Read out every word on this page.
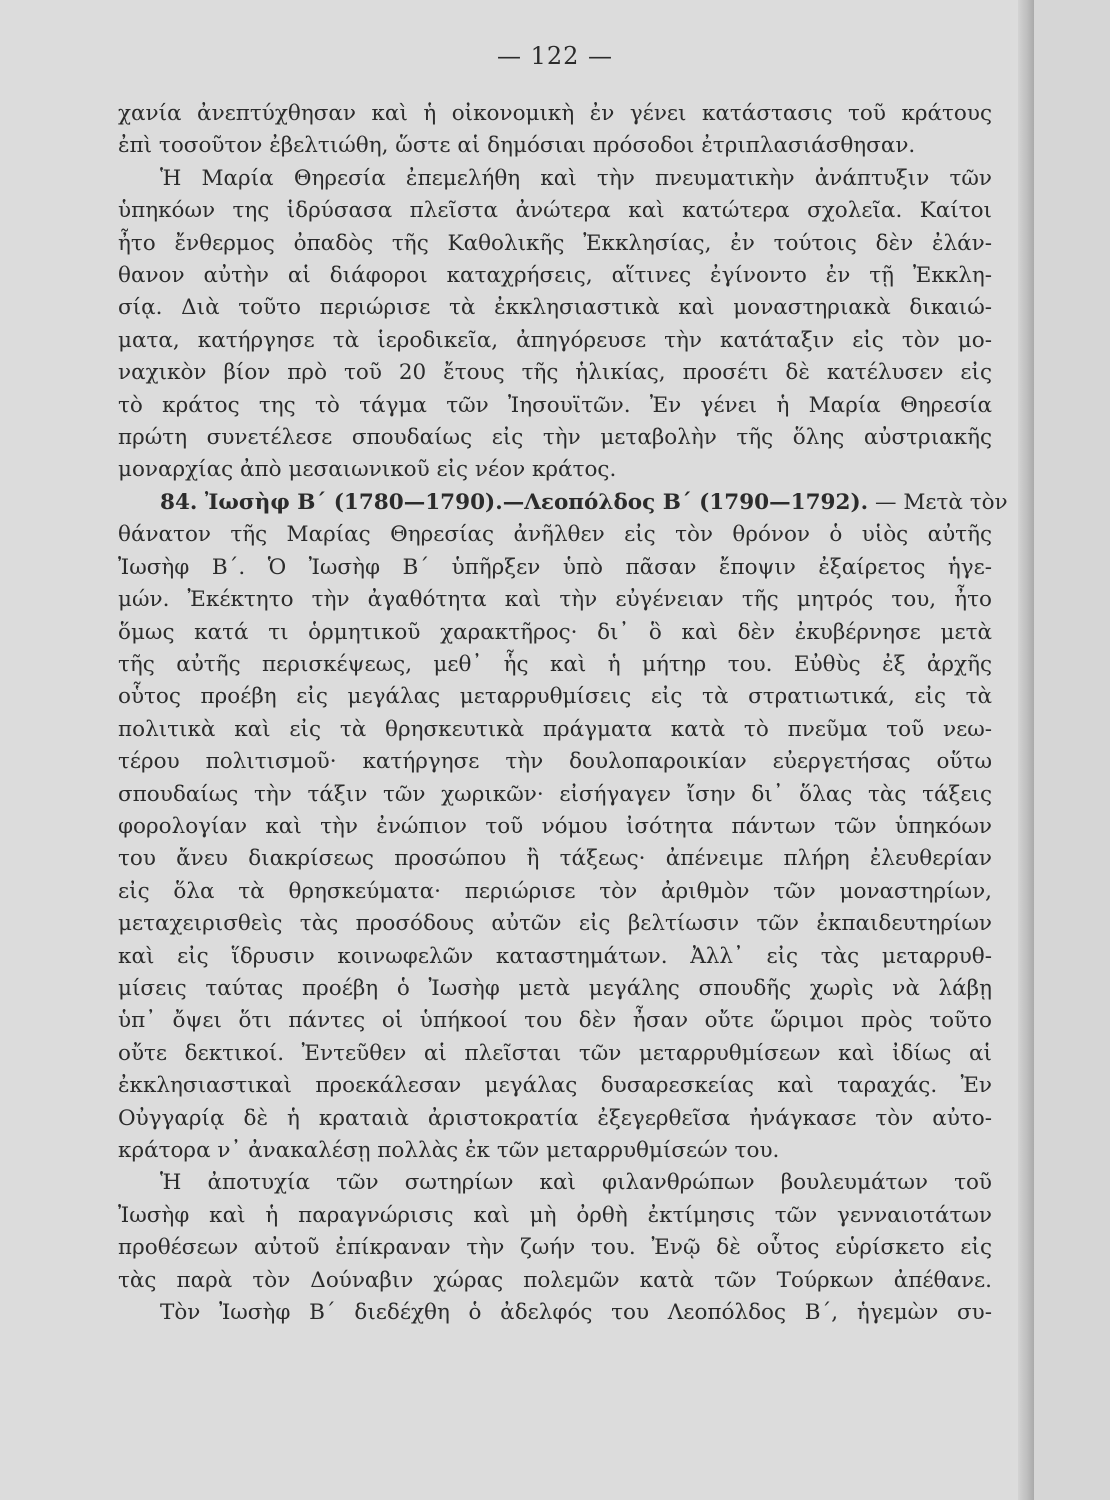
— 122 —
χανία ἀνεπτύχθησαν καὶ ἡ οἰκονομικὴ ἐν γένει κατάστασις τοῦ κράτους
ἐπὶ τοσοῦτον ἐβελτιώθη, ὥστε αἱ δημόσιαι πρόσοδοι ἐτριπλασιάσθησαν.
Ἡ Μαρία Θηρεσία ἐπεμελήθη καὶ τὴν πνευματικὴν ἀνάπτυξιν τῶν
ὑπηκόων της ἱδρύσασα πλεῖστα ἀνώτερα καὶ κατώτερα σχολεῖα. Καίτοι
ἦτο ἔνθερμος ὀπαδὸς τῆς Καθολικῆς Ἐκκλησίας, ἐν τούτοις δὲν ἐλάν-
θανον αὐτὴν αἱ διάφοροι καταχρήσεις, αἵτινες ἐγίνοντο ἐν τῇ Ἐκκλη-
σίᾳ. Διὰ τοῦτο περιώρισε τὰ ἐκκλησιαστικὰ καὶ μοναστηριακὰ δικαιώ-
ματα, κατήργησε τὰ ἱεροδικεῖα, ἀπηγόρευσε τὴν κατάταξιν εἰς τὸν μο-
ναχικὸν βίον πρὸ τοῦ 20 ἔτους τῆς ἡλικίας, προσέτι δὲ κατέλυσεν εἰς
τὸ κράτος της τὸ τάγμα τῶν Ἰησουϊτῶν. Ἐν γένει ἡ Μαρία Θηρεσία
πρώτη συνετέλεσε σπουδαίως εἰς τὴν μεταβολὴν τῆς ὅλης αὐστριακῆς
μοναρχίας ἀπὸ μεσαιωνικοῦ εἰς νέον κράτος.
84. Ἰωσὴφ Β΄ (1780—1790).—Λεοπόλδος Β΄ (1790—1792). — Μετὰ τὸν
θάνατον τῆς Μαρίας Θηρεσίας ἀνῆλθεν εἰς τὸν θρόνον ὁ υἱὸς αὐτῆς
Ἰωσὴφ Β΄. Ὁ Ἰωσὴφ Β΄ ὑπῆρξεν ὑπὸ πᾶσαν ἔποψιν ἐξαίρετος ἡγε-
μών. Ἐκέκτητο τὴν ἀγαθότητα καὶ τὴν εὐγένειαν τῆς μητρός του, ἦτο
ὅμως κατά τι ὁρμητικοῦ χαρακτῆρος· δι᾿ ὃ καὶ δὲν ἐκυβέρνησε μετὰ
τῆς αὐτῆς περισκέψεως, μεθ᾿ ἧς καὶ ἡ μήτηρ του. Εὐθὺς ἐξ ἀρχῆς
οὗτος προέβη εἰς μεγάλας μεταρρυθμίσεις εἰς τὰ στρατιωτικά, εἰς τὰ
πολιτικὰ καὶ εἰς τὰ θρησκευτικὰ πράγματα κατὰ τὸ πνεῦμα τοῦ νεω-
τέρου πολιτισμοῦ· κατήργησε τὴν δουλοπαροικίαν εὐεργετήσας οὕτω
σπουδαίως τὴν τάξιν τῶν χωρικῶν· εἰσήγαγεν ἴσην δι᾿ ὅλας τὰς τάξεις
φορολογίαν καὶ τὴν ἐνώπιον τοῦ νόμου ἰσότητα πάντων τῶν ὑπηκόων
του ἄνευ διακρίσεως προσώπου ἢ τάξεως· ἀπένειμε πλήρη ἐλευθερίαν
εἰς ὅλα τὰ θρησκεύματα· περιώρισε τὸν ἀριθμὸν τῶν μοναστηρίων,
μεταχειρισθεὶς τὰς προσόδους αὐτῶν εἰς βελτίωσιν τῶν ἐκπαιδευτηρίων
καὶ εἰς ἵδρυσιν κοινωφελῶν καταστημάτων. Ἀλλ᾿ εἰς τὰς μεταρρυθ-
μίσεις ταύτας προέβη ὁ Ἰωσὴφ μετὰ μεγάλης σπουδῆς χωρὶς νὰ λάβῃ
ὑπ᾿ ὄψει ὅτι πάντες οἱ ὑπήκοοί του δὲν ἦσαν οὔτε ὥριμοι πρὸς τοῦτο
οὔτε δεκτικοί. Ἐντεῦθεν αἱ πλεῖσται τῶν μεταρρυθμίσεων καὶ ἰδίως αἱ
ἐκκλησιαστικαὶ προεκάλεσαν μεγάλας δυσαρεσκείας καὶ ταραχάς. Ἐν
Οὐγγαρίᾳ δὲ ἡ κραταιὰ ἀριστοκρατία ἐξεγερθεῖσα ἠνάγκασε τὸν αὐτο-
κράτορα ν᾿ ἀνακαλέσῃ πολλὰς ἐκ τῶν μεταρρυθμίσεών του.
Ἡ ἀποτυχία τῶν σωτηρίων καὶ φιλανθρώπων βουλευμάτων τοῦ
Ἰωσὴφ καὶ ἡ παραγνώρισις καὶ μὴ ὀρθὴ ἐκτίμησις τῶν γενναιοτάτων
προθέσεων αὐτοῦ ἐπίκραναν τὴν ζωήν του. Ἐνῷ δὲ οὗτος εὑρίσκετο εἰς
τὰς παρὰ τὸν Δούναβιν χώρας πολεμῶν κατὰ τῶν Τούρκων ἀπέθανε.
Τὸν Ἰωσὴφ Β΄ διεδέχθη ὁ ἀδελφός του Λεοπόλδος Β΄, ἡγεμὼν συ-
